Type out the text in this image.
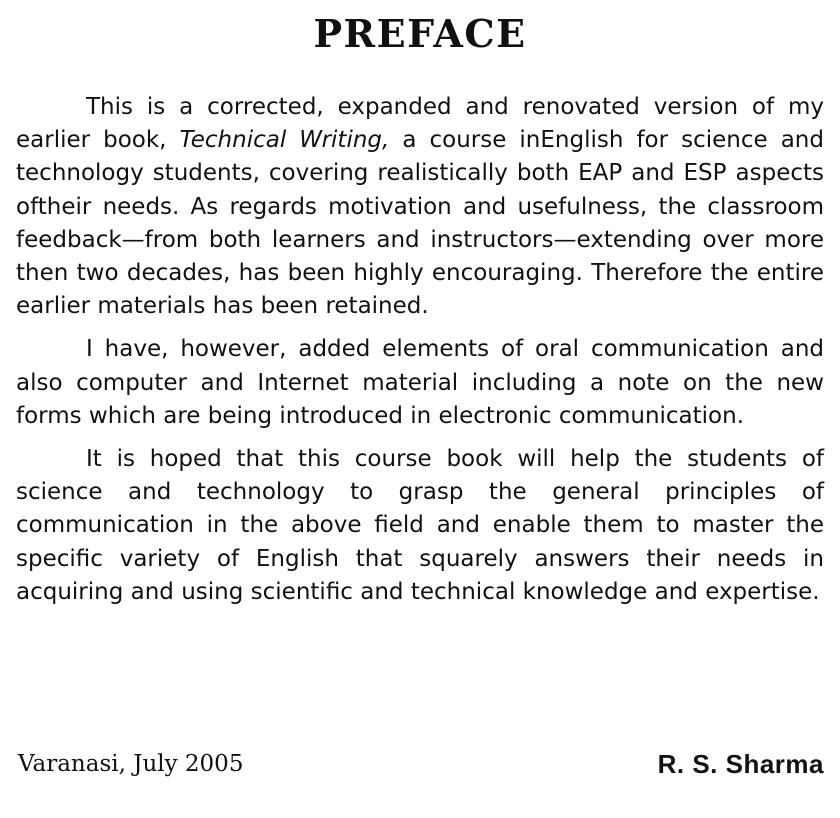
PREFACE

This is a corrected, expanded and renovated version of my earlier book, Technical Writing, a course inEnglish for science and technology students, covering realistically both EAP and ESP aspects oftheir needs. As regards motivation and usefulness, the classroom feedback—from both learners and instructors—extending over more then two decades, has been highly encouraging. Therefore the entire earlier materials has been retained.

I have, however, added elements of oral communication and also computer and Internet material including a note on the new forms which are being introduced in electronic communication.

It is hoped that this course book will help the students of science and technology to grasp the general principles of communication in the above field and enable them to master the specific variety of English that squarely answers their needs in acquiring and using scientific and technical knowledge and expertise.

Varanasi, July 2005	R. S. Sharma
